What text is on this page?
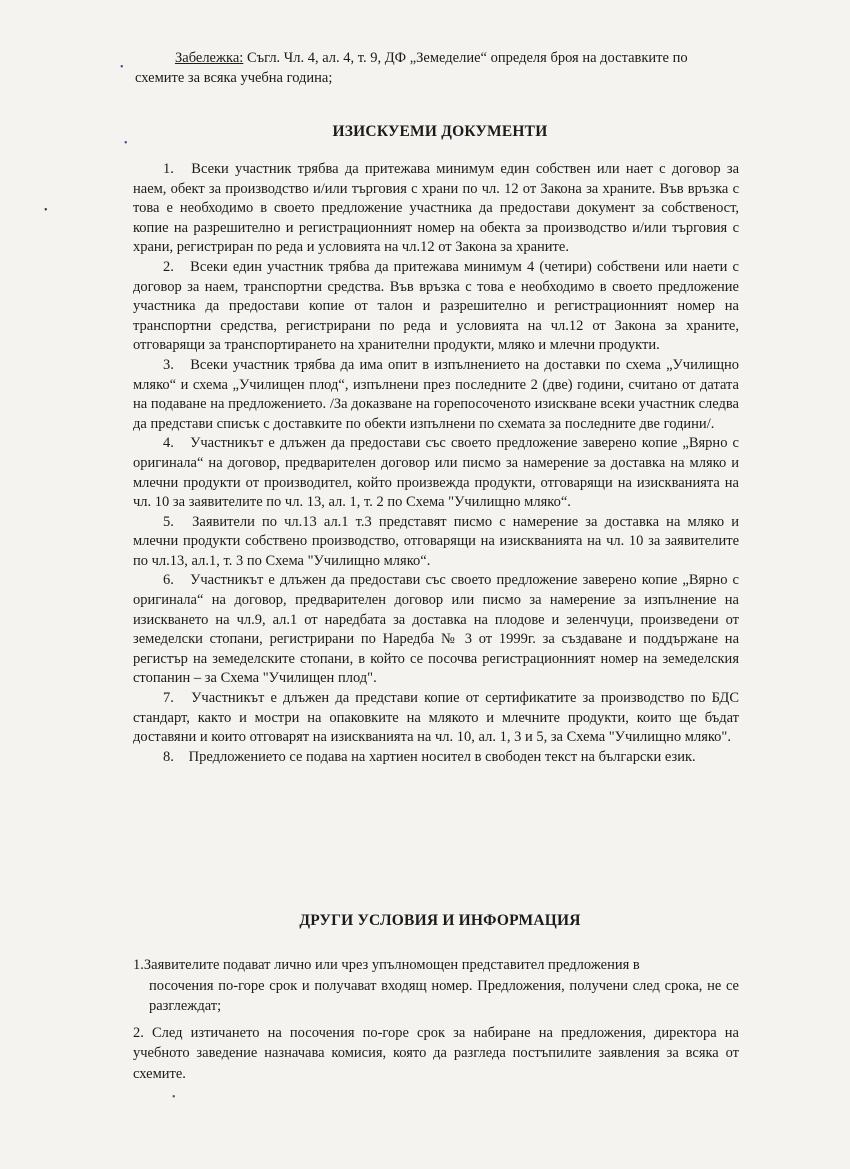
Забележка: Съгл. Чл. 4, ал. 4, т. 9, ДФ „Земеделие“ определя броя на доставките по схемите за всяка учебна година;
ИЗИСКУЕМИ ДОКУМЕНТИ

1. Всеки участник трябва да притежава минимум един собствен или нает с договор за наем, обект за производство и/или търговия с храни по чл. 12 от Закона за храните. Във връзка с това е необходимо в своето предложение участника да предостави документ за собственост, копие на разрешително и регистрационният номер на обекта за производство и/или търговия с храни, регистриран по реда и условията на чл.12 от Закона за храните.

2. Всеки един участник трябва да притежава минимум 4 (четири) собствени или наети с договор за наем, транспортни средства. Във връзка с това е необходимо в своето предложение участника да предостави копие от талон и разрешително и регистрационният номер на транспортни средства, регистрирани по реда и условията на чл.12 от Закона за храните, отговарящи за транспортирането на хранителни продукти, мляко и млечни продукти.

3. Всеки участник трябва да има опит в изпълнението на доставки по схема „Училищно мляко“ и схема „Училищен плод“, изпълнени през последните 2 (две) години, считано от датата на подаване на предложението. /За доказване на горепосоченото изискване всеки участник следва да представи списък с доставките по обекти изпълнени по схемата за последните две години/.

4. Участникът е длъжен да предостави със своето предложение заверено копие „Вярно с оригинала“ на договор, предварителен договор или писмо за намерение за доставка на мляко и млечни продукти от производител, който произвежда продукти, отговарящи на изискванията на чл. 10 за заявителите по чл. 13, ал. 1, т. 2 по Схема "Училищно мляко“.

5. Заявители по чл.13 ал.1 т.3 представят писмо с намерение за доставка на мляко и млечни продукти собствено производство, отговарящи на изискванията на чл. 10 за заявителите по чл.13, ал.1, т. 3 по Схема "Училищно мляко“.

6. Участникът е длъжен да предостави със своето предложение заверено копие „Вярно с оригинала“ на договор, предварителен договор или писмо за намерение за изпълнение на изискването на чл.9, ал.1 от наредбата за доставка на плодове и зеленчуци, произведени от земеделски стопани, регистрирани по Наредба № 3 от 1999г. за създаване и поддържане на регистър на земеделските стопани, в който се посочва регистрационният номер на земеделския стопанин – за Схема "Училищен плод".

7. Участникът е длъжен да представи копие от сертификатите за производство по БДС стандарт, както и мостри на опаковките на млякото и млечните продукти, които ще бъдат доставяни и които отговарят на изискванията на чл. 10, ал. 1, 3 и 5, за Схема "Училищно мляко".

8. Предложението се подава на хартиен носител в свободен текст на български език.

ДРУГИ УСЛОВИЯ И ИНФОРМАЦИЯ

1.Заявителите подават лично или чрез упълномощен представител предложения в
посочения по-горе срок и получават входящ номер. Предложения, получени след срока, не се разглеждат;

2. След изтичането на посочения по-горе срок за набиране на предложения, директора на учебното заведение назначава комисия, която да разгледа постъпилите заявления за всяка от схемите.

•
•
•
•
